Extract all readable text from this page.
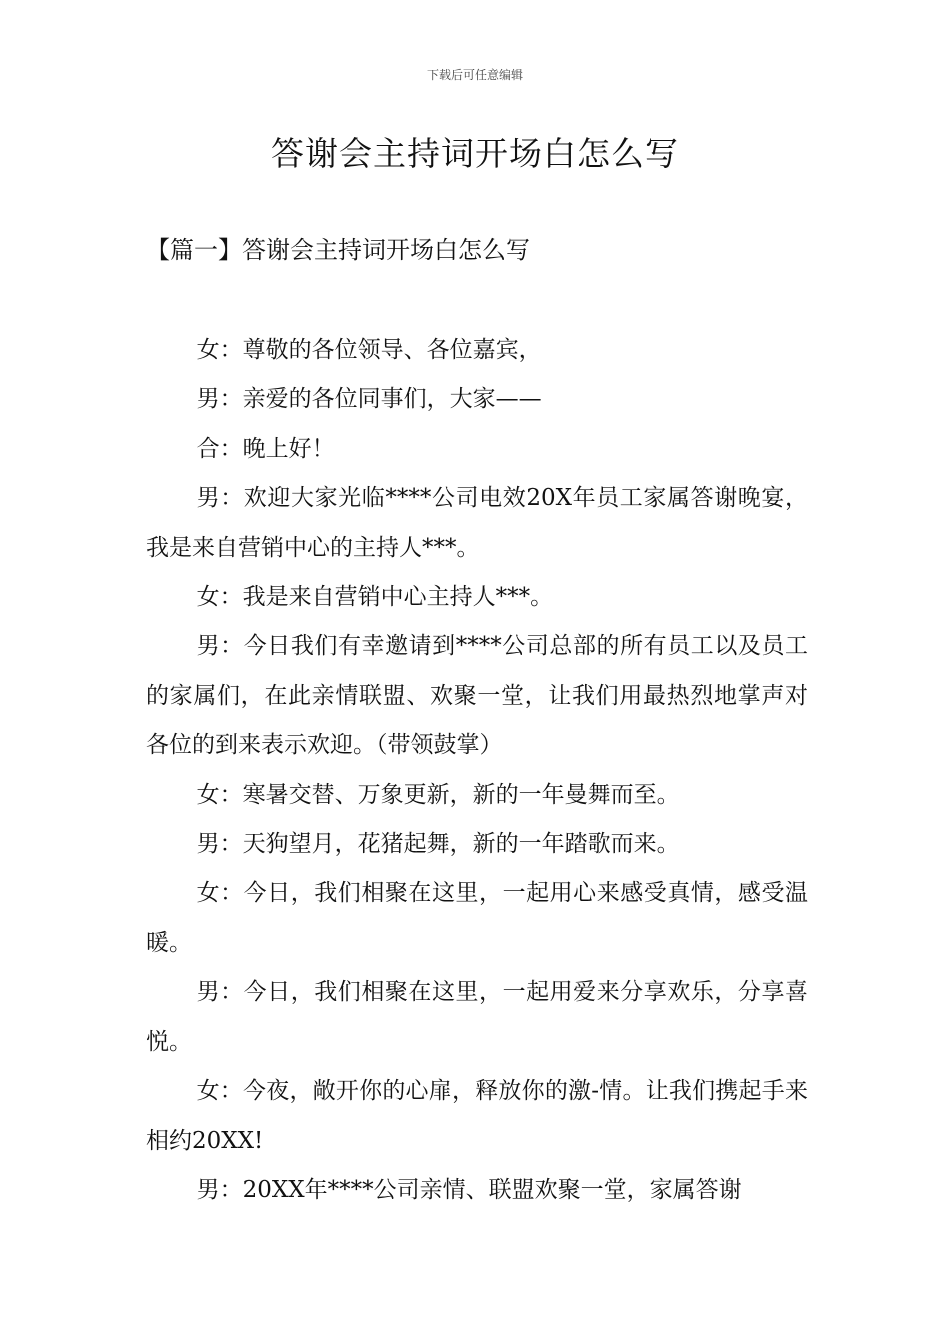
下载后可任意编辑
答谢会主持词开场白怎么写
【篇一】答谢会主持词开场白怎么写

女：尊敬的各位领导、各位嘉宾，

男：亲爱的各位同事们，大家——

合：晚上好！

男：欢迎大家光临****公司电效20X年员工家属答谢晚宴，我是来自营销中心的主持人***。

女：我是来自营销中心主持人***。

男：今日我们有幸邀请到****公司总部的所有员工以及员工的家属们，在此亲情联盟、欢聚一堂，让我们用最热烈地掌声对各位的到来表示欢迎。（带领鼓掌）

女：寒暑交替、万象更新，新的一年曼舞而至。

男：天狗望月，花猪起舞，新的一年踏歌而来。

女：今日，我们相聚在这里，一起用心来感受真情，感受温暖。

男：今日，我们相聚在这里，一起用爱来分享欢乐，分享喜悦。

女：今夜，敞开你的心扉，释放你的激-情。让我们携起手来相约20XX!

男：20XX年****公司亲情、联盟欢聚一堂，家属答谢
